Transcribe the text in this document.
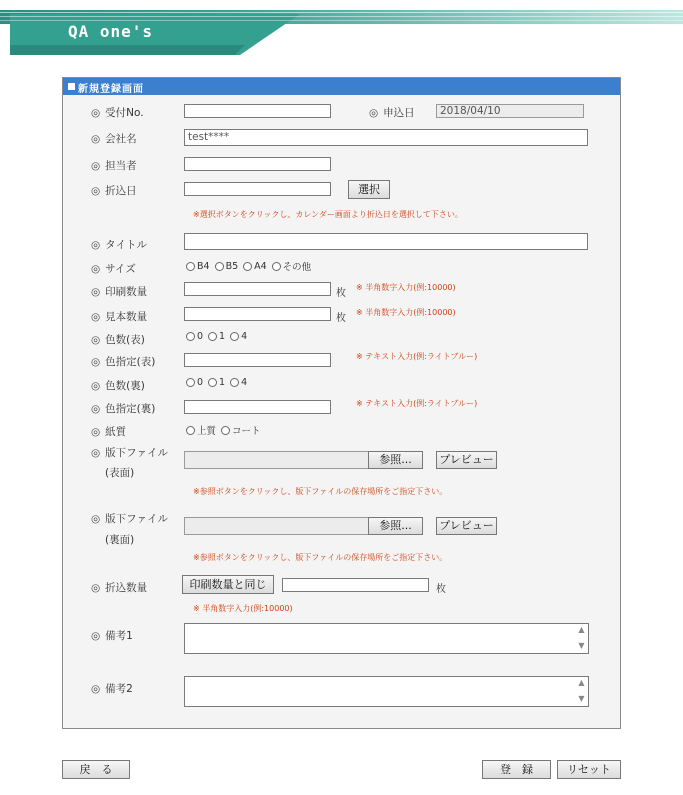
QA one's
新規登録画面
◎ 受付No.	◎ 申込日	2018/04/10
◎ 会社名	test****
◎ 担当者
◎ 折込日	選択
※選択ボタンをクリックし、カレンダー画面より折込日を選択して下さい。
◎ タイトル
◎ サイズ	B4 B5 A4 その他
◎ 印刷数量	枚
※ 半角数字入力(例:10000)
◎ 見本数量	枚
※ 半角数字入力(例:10000)
◎ 色数(表)	0 1 4
◎ 色指定(表)	※ テキスト入力(例:ライトブルー)
◎ 色数(裏)	0 1 4
◎ 色指定(裏)	※ テキスト入力(例:ライトブルー)
◎ 紙質	上質 コート
◎ 版下ファイル
(表面)
参照...	プレビュー
※参照ボタンをクリックし、版下ファイルの保存場所をご指定下さい。
◎ 版下ファイル
(裏面)
参照...	プレビュー
※参照ボタンをクリックし、版下ファイルの保存場所をご指定下さい。
◎ 折込数量	印刷数量と同じ	枚
※ 半角数字入力(例:10000)
◎ 備考1
▲
▼
◎ 備考2
▲
▼
戻　る	登　録	リセット
